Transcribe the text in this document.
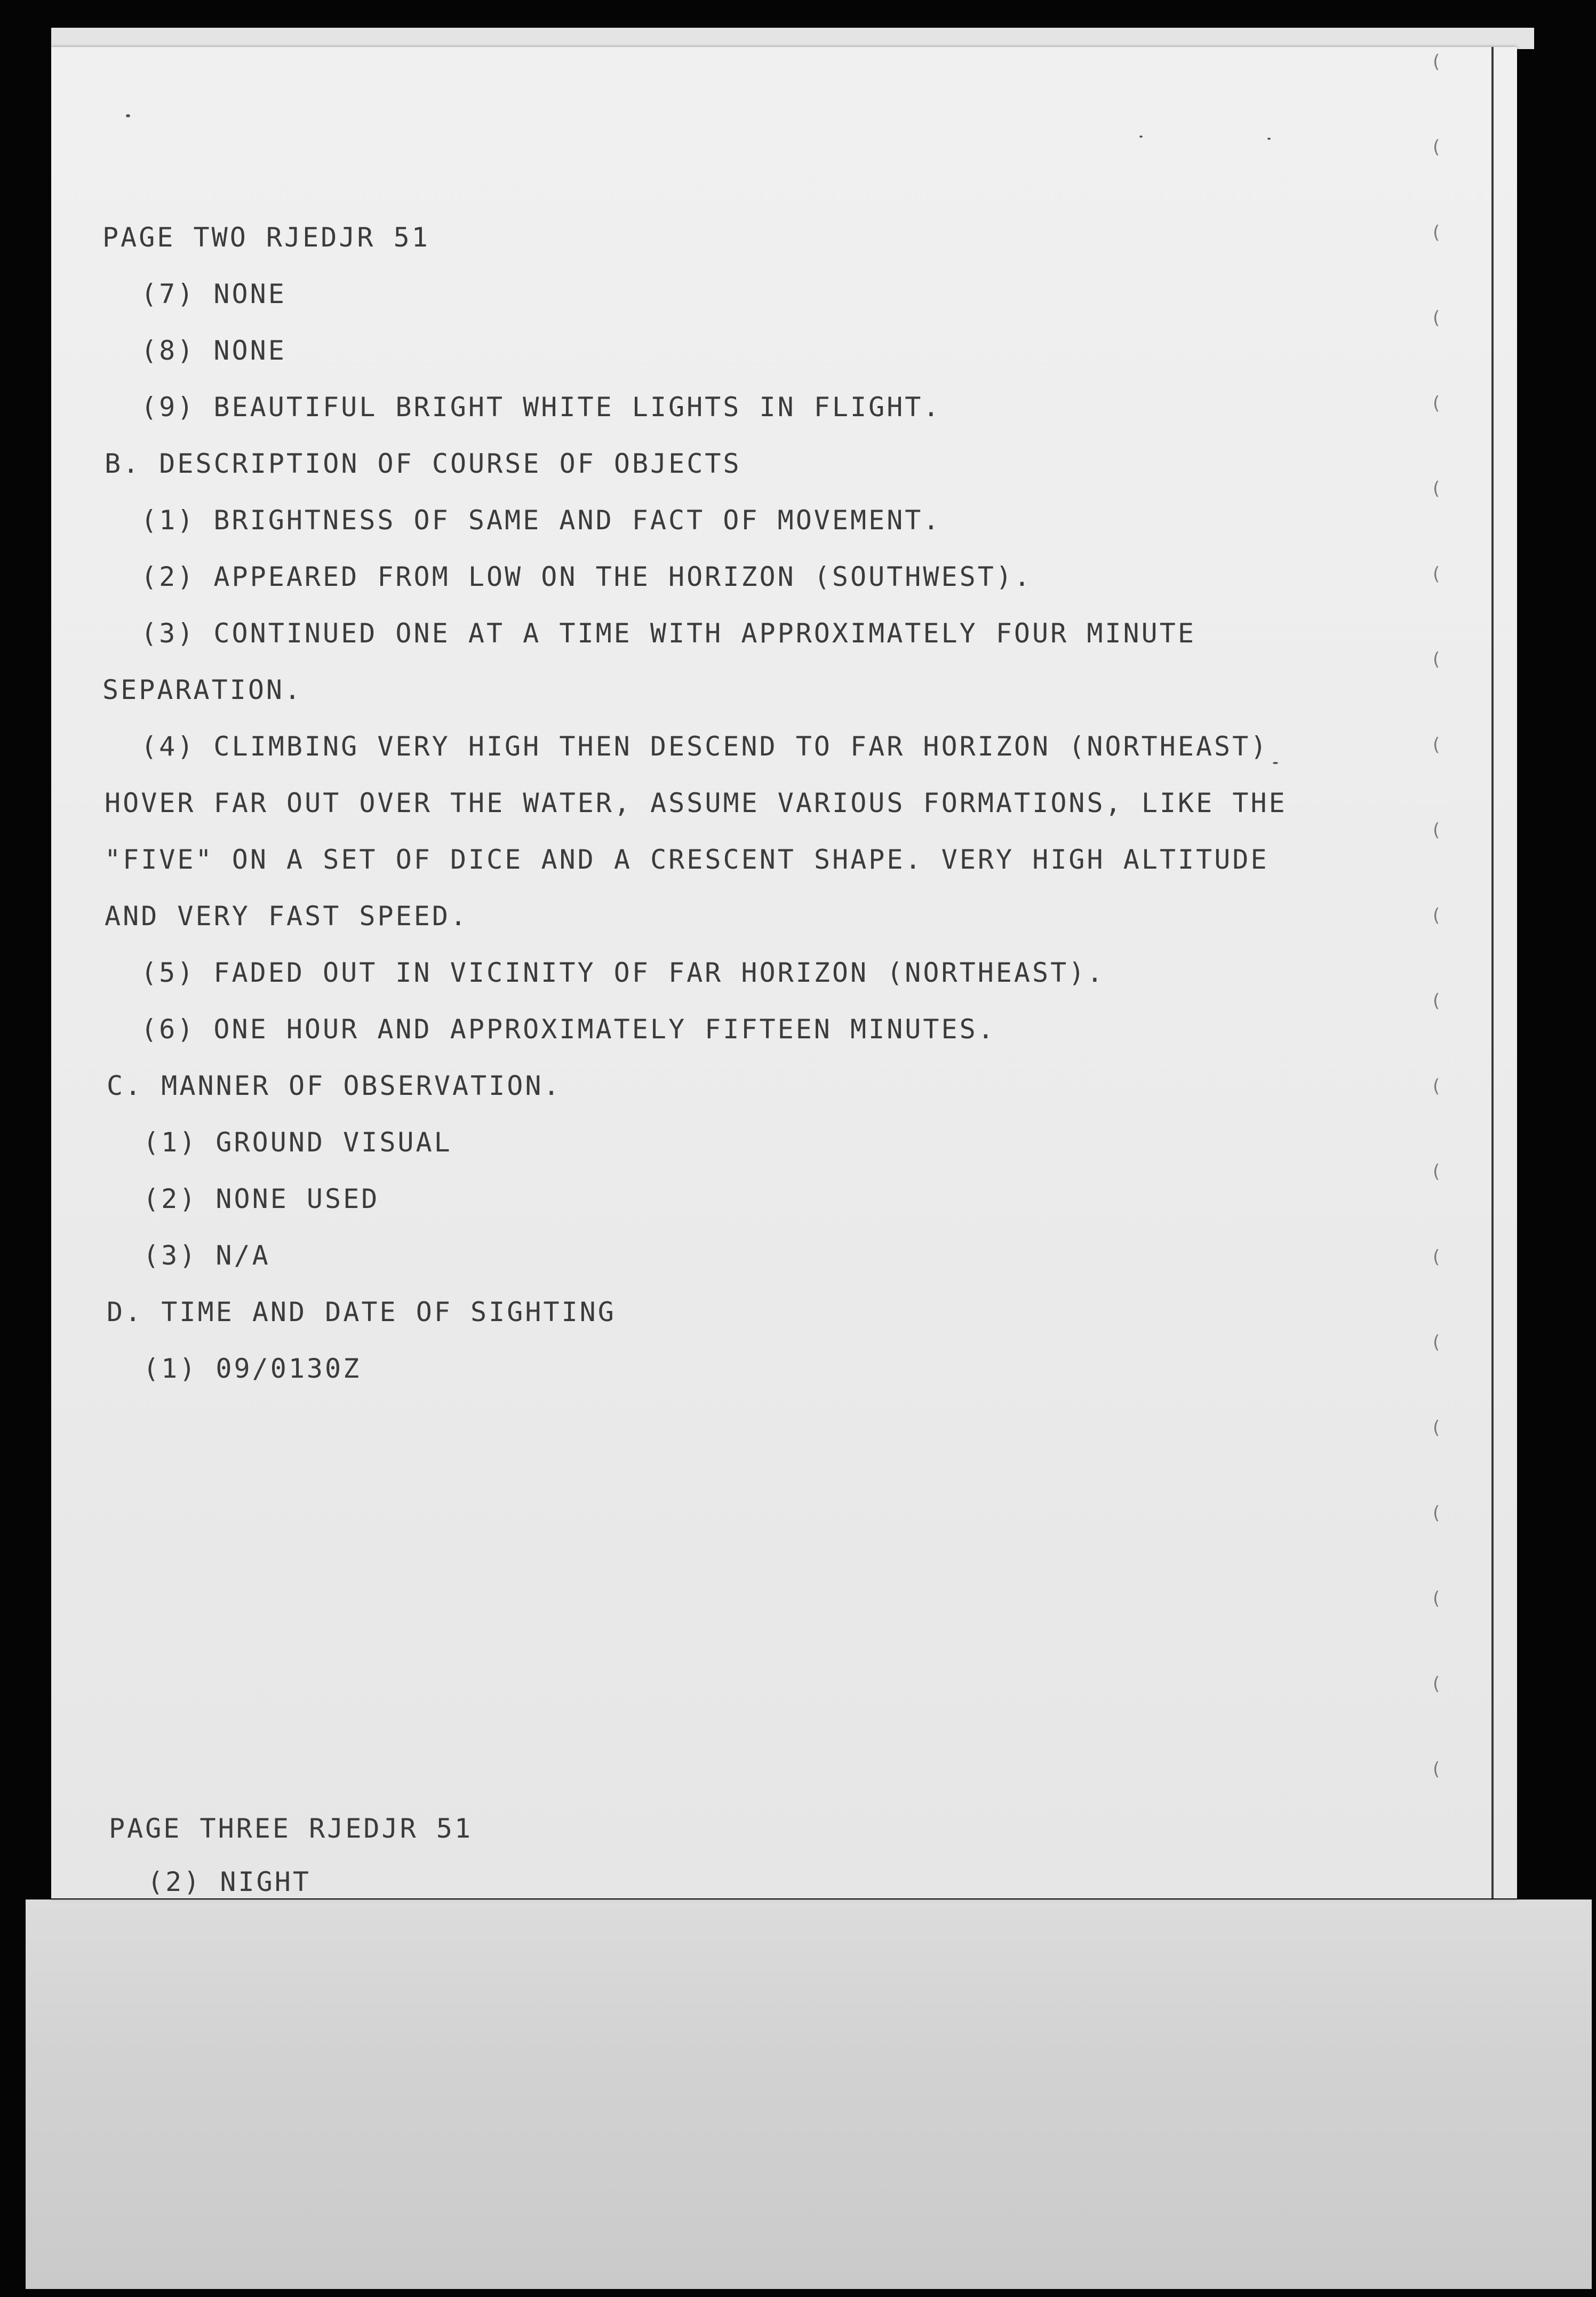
PAGE TWO RJEDJR 51

(7) NONE

(8) NONE

(9) BEAUTIFUL BRIGHT WHITE LIGHTS IN FLIGHT.

B. DESCRIPTION OF COURSE OF OBJECTS

(1) BRIGHTNESS OF SAME AND FACT OF MOVEMENT.

(2) APPEARED FROM LOW ON THE HORIZON (SOUTHWEST).

(3) CONTINUED ONE AT A TIME WITH APPROXIMATELY FOUR MINUTE

SEPARATION.

(4) CLIMBING VERY HIGH THEN DESCEND TO FAR HORIZON (NORTHEAST)

HOVER FAR OUT OVER THE WATER, ASSUME VARIOUS FORMATIONS, LIKE THE

"FIVE" ON A SET OF DICE AND A CRESCENT SHAPE. VERY HIGH ALTITUDE

AND VERY FAST SPEED.

(5) FADED OUT IN VICINITY OF FAR HORIZON (NORTHEAST).

(6) ONE HOUR AND APPROXIMATELY FIFTEEN MINUTES.

C. MANNER OF OBSERVATION.

(1) GROUND VISUAL

(2) NONE USED

(3) N/A

D. TIME AND DATE OF SIGHTING

(1) 09/0130Z

PAGE THREE RJEDJR 51

(2) NIGHT

(
(
(
(
(
(
(
(
(
(
(
(
(
(
(
(
(
(
(
(
(
